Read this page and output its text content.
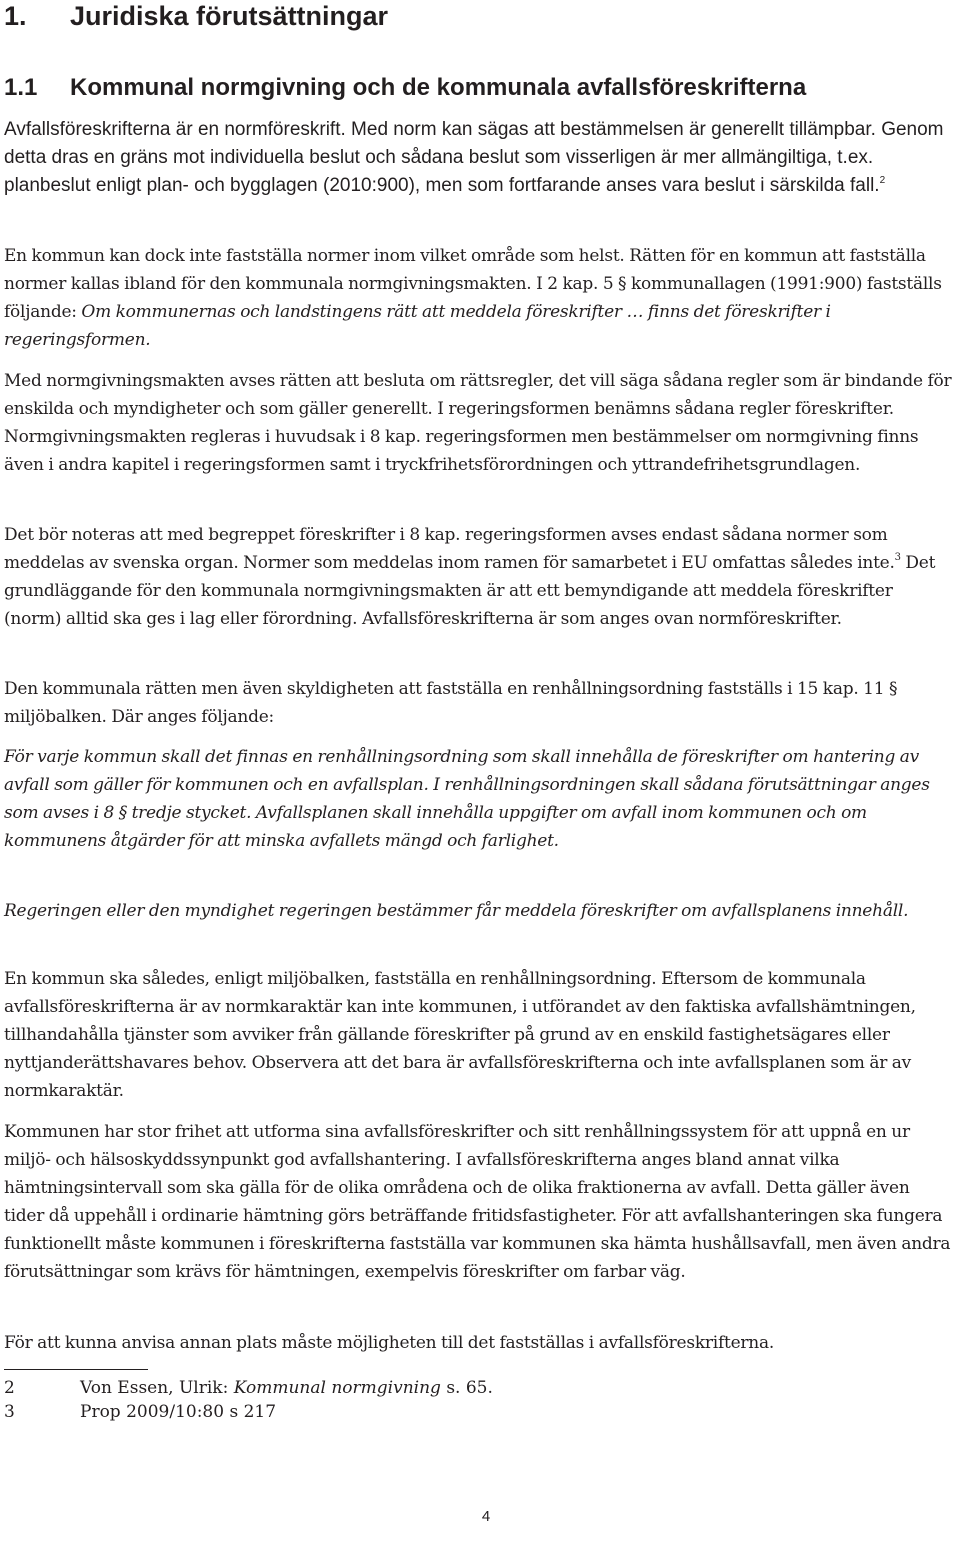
1. Juridiska förutsättningar
1.1 Kommunal normgivning och de kommunala avfallsföreskrifterna

Avfallsföreskrifterna är en normföreskrift. Med norm kan sägas att bestämmelsen är generellt tillämpbar. Genom detta dras en gräns mot individuella beslut och sådana beslut som visserligen är mer allmängiltiga, t.ex. planbeslut enligt plan- och bygglagen (2010:900), men som fortfarande anses vara beslut i särskilda fall.$^2$

En kommun kan dock inte fastställa normer inom vilket område som helst. Rätten för en kommun att fastställa normer kallas ibland för den kommunala normgivningsmakten. I 2 kap. 5 § kommunallagen (1991:900) fastställs följande: Om kommunernas och landstingens rätt att meddela föreskrifter … finns det föreskrifter i regeringsformen.

Med normgivningsmakten avses rätten att besluta om rättsregler, det vill säga sådana regler som är bindande för enskilda och myndigheter och som gäller generellt. I regeringsformen benämns sådana regler föreskrifter. Normgivningsmakten regleras i huvudsak i 8 kap. regeringsformen men bestämmelser om normgivning finns även i andra kapitel i regeringsformen samt i tryckfrihetsförordningen och yttrandefrihetsgrundlagen.

Det bör noteras att med begreppet föreskrifter i 8 kap. regeringsformen avses endast sådana normer som meddelas av svenska organ. Normer som meddelas inom ramen för samarbetet i EU omfattas således inte.$^3$ Det grundläggande för den kommunala normgivningsmakten är att ett bemyndigande att meddela föreskrifter (norm) alltid ska ges i lag eller förordning. Avfallsföreskrifterna är som anges ovan normföreskrifter.

Den kommunala rätten men även skyldigheten att fastställa en renhållningsordning fastställs i 15 kap. 11 § miljöbalken. Där anges följande:

För varje kommun skall det finnas en renhållningsordning som skall innehålla de föreskrifter om hantering av avfall som gäller för kommunen och en avfallsplan. I renhållningsordningen skall sådana förutsättningar anges som avses i 8 § tredje stycket. Avfallsplanen skall innehålla uppgifter om avfall inom kommunen och om kommunens åtgärder för att minska avfallets mängd och farlighet.

Regeringen eller den myndighet regeringen bestämmer får meddela föreskrifter om avfallsplanens innehåll.

En kommun ska således, enligt miljöbalken, fastställa en renhållningsordning. Eftersom de kommunala avfallsföreskrifterna är av normkaraktär kan inte kommunen, i utförandet av den faktiska avfallshämtningen, tillhandahålla tjänster som avviker från gällande föreskrifter på grund av en enskild fastighetsägares eller nyttjanderättshavares behov. Observera att det bara är avfallsföreskrifterna och inte avfallsplanen som är av normkaraktär.

Kommunen har stor frihet att utforma sina avfallsföreskrifter och sitt renhållningssystem för att uppnå en ur miljö- och hälsoskyddssynpunkt god avfallshantering. I avfallsföreskrifterna anges bland annat vilka hämtningsintervall som ska gälla för de olika områdena och de olika fraktionerna av avfall. Detta gäller även tider då uppehåll i ordinarie hämtning görs beträffande fritidsfastigheter. För att avfallshanteringen ska fungera funktionellt måste kommunen i föreskrifterna fastställa var kommunen ska hämta hushållsavfall, men även andra förutsättningar som krävs för hämtningen, exempelvis föreskrifter om farbar väg.

För att kunna anvisa annan plats måste möjligheten till det fastställas i avfallsföreskrifterna.

2	Von Essen, Ulrik: Kommunal normgivning s. 65.
3	Prop 2009/10:80 s 217
4
